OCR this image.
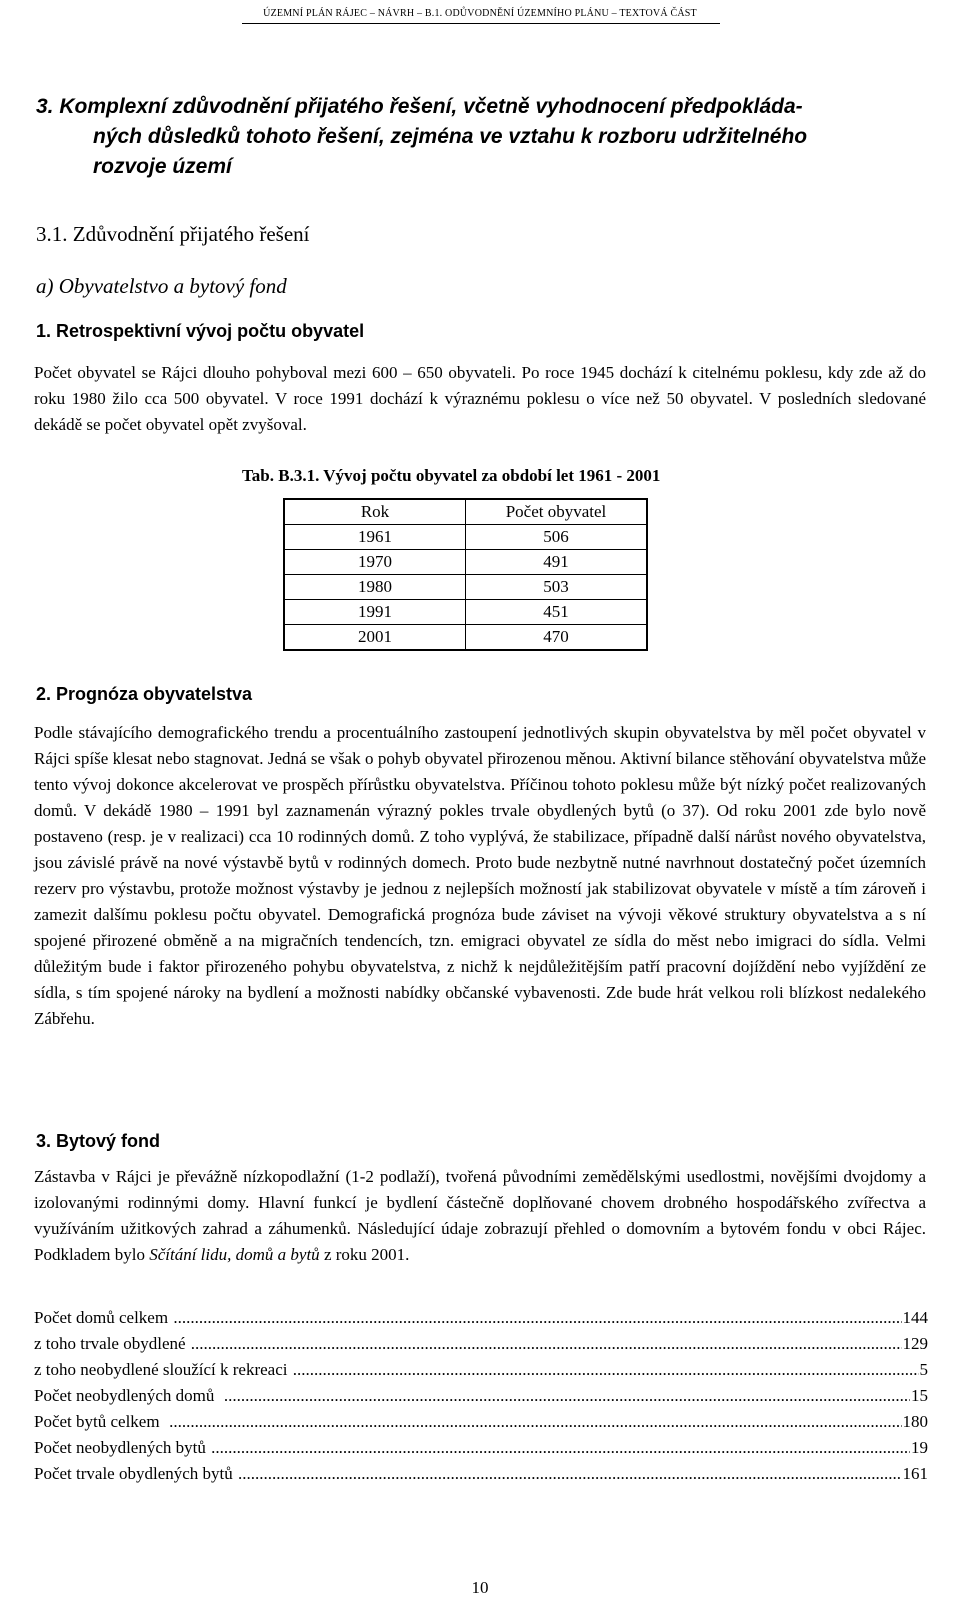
ÚZEMNÍ PLÁN RÁJEC – NÁVRH – B.1. ODŮVODNĚNÍ ÚZEMNÍHO PLÁNU – TEXTOVÁ ČÁST
3. Komplexní zdůvodnění přijatého řešení, včetně vyhodnocení předpokláda-
ných důsledků tohoto řešení, zejména ve vztahu k rozboru udržitelného
rozvoje území
3.1. Zdůvodnění přijatého řešení
a) Obyvatelstvo a bytový fond
1. Retrospektivní vývoj počtu obyvatel
Počet obyvatel se Rájci dlouho pohyboval mezi 600 – 650 obyvateli. Po roce 1945 dochází k citelnému poklesu, kdy zde až do roku 1980 žilo cca 500 obyvatel. V roce 1991 dochází k výraznému poklesu o více než 50 obyvatel. V posledních sledované dekádě se počet obyvatel opět zvyšoval.
Tab. B.3.1. Vývoj počtu obyvatel za období let 1961 - 2001
Rok	Počet obyvatel
1961	506
1970	491
1980	503
1991	451
2001	470
2. Prognóza obyvatelstva
Podle stávajícího demografického trendu a procentuálního zastoupení jednotlivých skupin obyvatelstva by měl počet obyvatel v Rájci spíše klesat nebo stagnovat. Jedná se však o pohyb obyvatel přirozenou měnou. Aktivní bilance stěhování obyvatelstva může tento vývoj dokonce akcelerovat ve prospěch přírůstku obyvatelstva. Příčinou tohoto poklesu může být nízký počet realizovaných domů. V dekádě 1980 – 1991 byl zaznamenán výrazný pokles trvale obydlených bytů (o 37). Od roku 2001 zde bylo nově postaveno (resp. je v realizaci) cca 10 rodinných domů. Z toho vyplývá, že stabilizace, případně další nárůst nového obyvatelstva, jsou závislé právě na nové výstavbě bytů v rodinných domech. Proto bude nezbytně nutné navrhnout dostatečný počet územních rezerv pro výstavbu, protože možnost výstavby je jednou z nejlepších možností jak stabilizovat obyvatele v místě a tím zároveň i zamezit dalšímu poklesu počtu obyvatel. Demografická prognóza bude záviset na vývoji věkové struktury obyvatelstva a s ní spojené přirozené obměně a na migračních tendencích, tzn. emigraci obyvatel ze sídla do měst nebo imigraci do sídla. Velmi důležitým bude i faktor přirozeného pohybu obyvatelstva, z nichž k nejdůležitějším patří pracovní dojíždění nebo vyjíždění ze sídla, s tím spojené nároky na bydlení a možnosti nabídky občanské vybavenosti. Zde bude hrát velkou roli blízkost nedalekého Zábřehu.
3. Bytový fond
Zástavba v Rájci je převážně nízkopodlažní (1-2 podlaží), tvořená původními zemědělskými usedlostmi, novějšími dvojdomy a izolovanými rodinnými domy. Hlavní funkcí je bydlení částečně doplňované chovem drobného hospodářského zvířectva a využíváním užitkových zahrad a záhumenků. Následující údaje zobrazují přehled o domovním a bytovém fondu v obci Rájec. Podkladem bylo Sčítání lidu, domů a bytů z roku 2001.
Počet domů celkem .....	144
z toho trvale obydlené .....	129
z toho neobydlené sloužící k rekreaci .....	5
Počet neobydlených domů .....	15
Počet bytů celkem .....	180
Počet neobydlených bytů .....	19
Počet trvale obydlených bytů .....	161
10
